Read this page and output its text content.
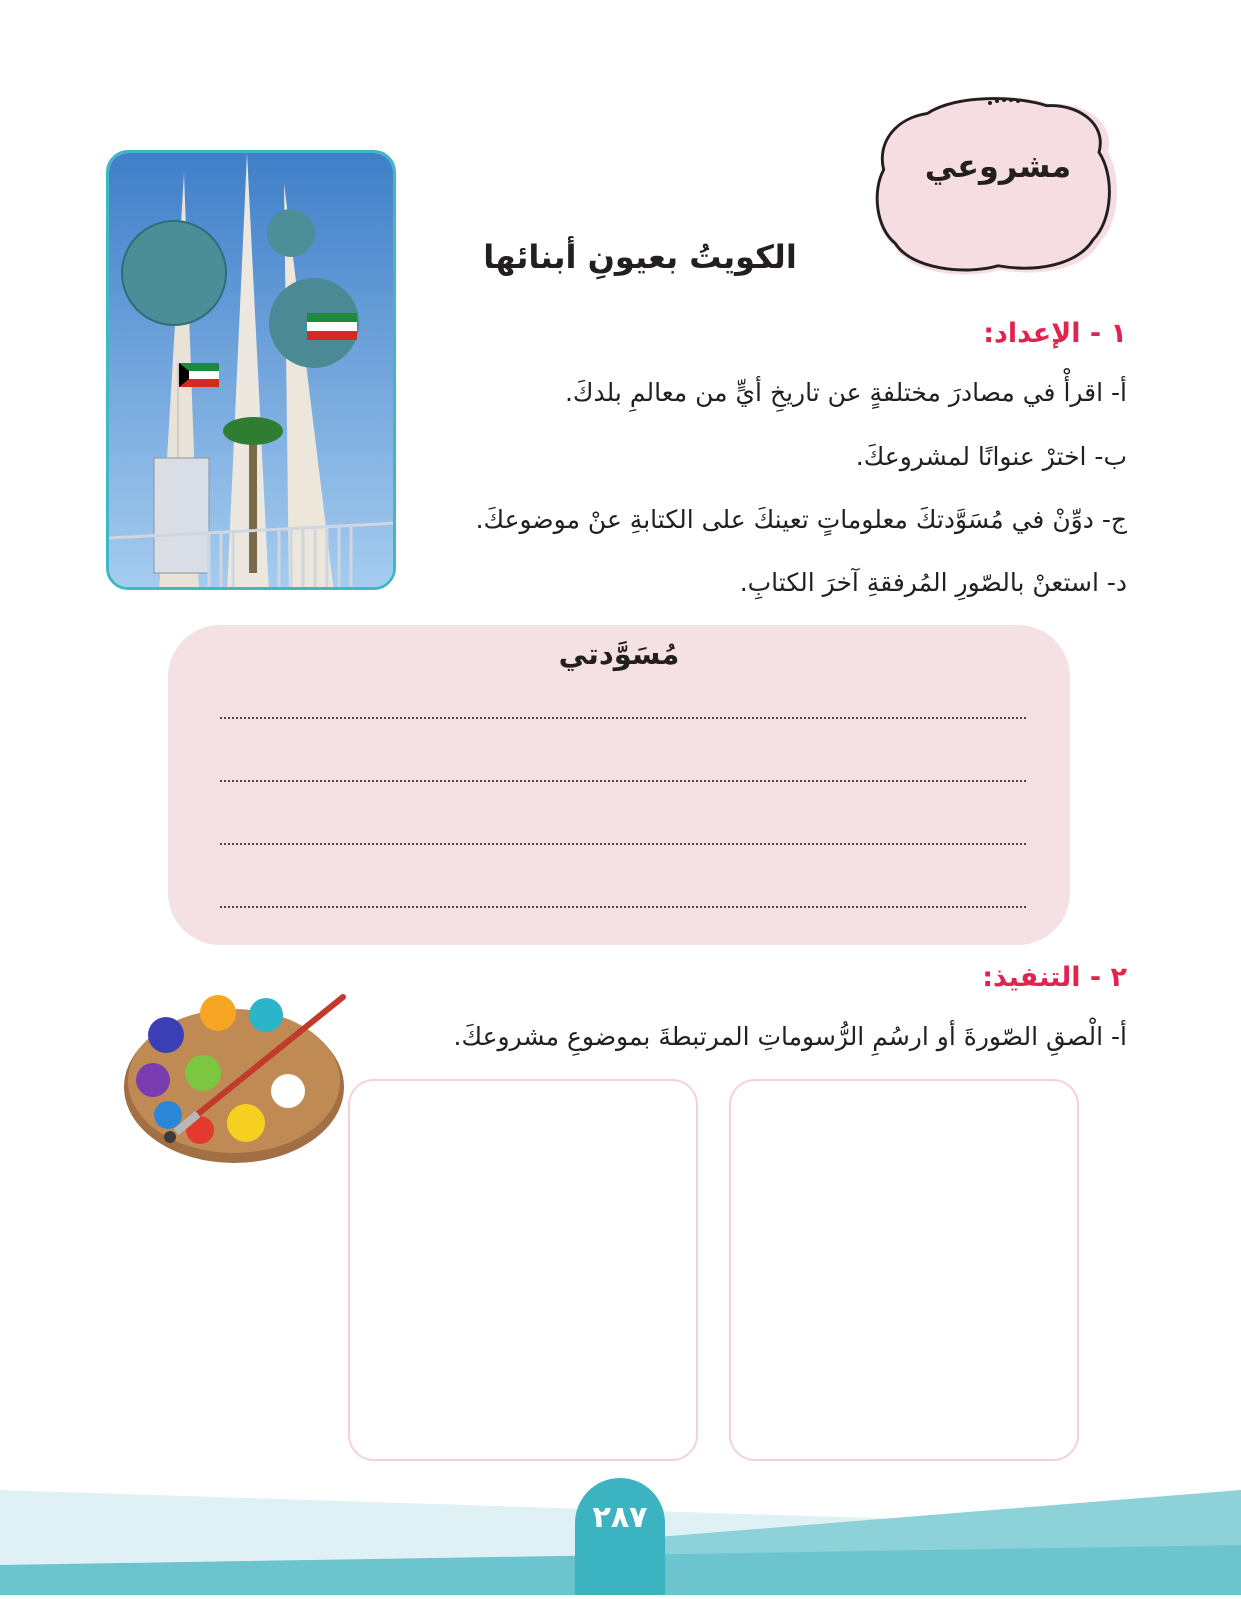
مشروعي
الكويتُ بعيونِ أبنائها
١ - الإعداد:
أ- اقرأْ في مصادرَ مختلفةٍ عن تاريخِ أيٍّ من معالمِ بلدكَ.
ب- اخترْ عنوانًا لمشروعكَ.
ج- دوِّنْ في مُسَوَّدتكَ معلوماتٍ تعينكَ على الكتابةِ عنْ موضوعكَ.
د- استعنْ بالصّورِ المُرفقةِ آخرَ الكتابِ.
مُسَوَّدتي
٢ - التنفيذ:
أ- الْصقِ الصّورةَ أو ارسُمِ الرُّسوماتِ المرتبطةَ بموضوعِ مشروعكَ.
٢٨٧
